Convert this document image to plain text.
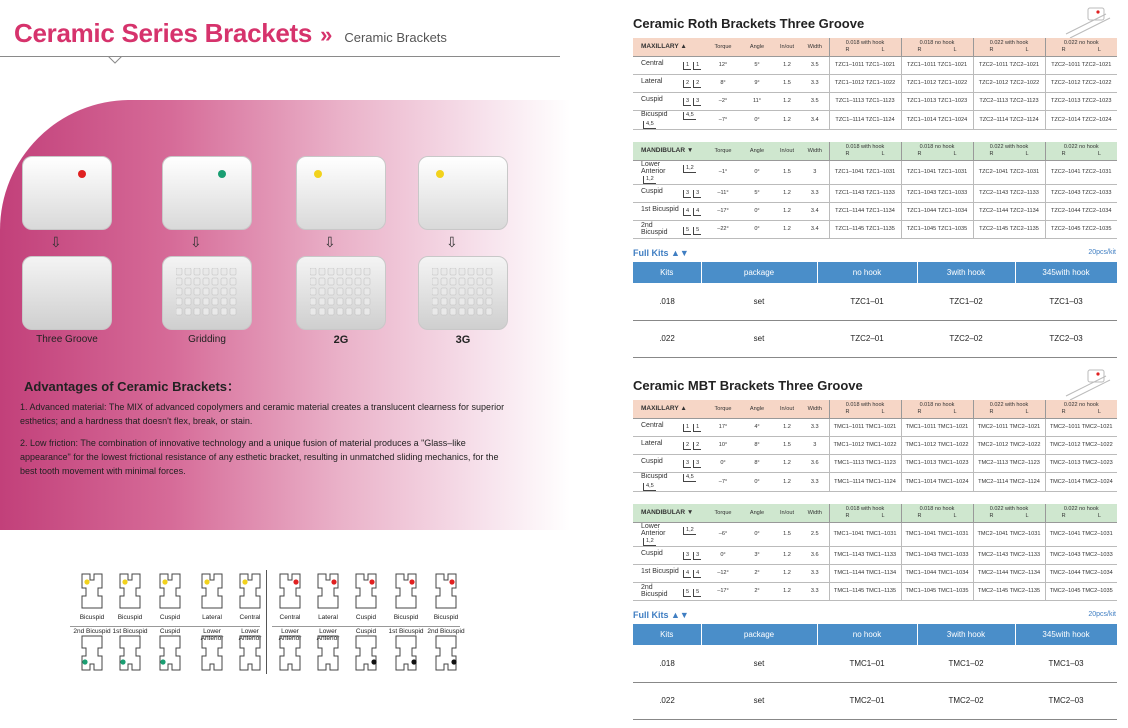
Ceramic Series Brackets » Ceramic Brackets
⇩
Three Groove
⇩
Gridding
⇩
2G
⇩
3G
Advantages of Ceramic Brackets：

1. Advanced material: The MIX of advanced copolymers and ceramic material creates a translucent clearness for superior esthetics; and a hardness that doesn't flex, break, or stain.

2. Low friction: The combination of innovative technology and a unique fusion of material produces a "Glass–like appearance" for the lowest frictional resistance of any esthetic bracket, resulting in unmatched sliding mechanics, for the best tooth movement with minimal forces.

Bicuspid
2nd Bicuspid
Bicuspid
1st Bicuspid
Cuspid
Cuspid
Lateral
Lower Anterior
Central
Lower Anterior
Central
Lower Anterior
Lateral
Lower Anterior
Cuspid
Cuspid
Bicuspid
1st Bicuspid
Bicuspid
2nd Bicuspid
Ceramic Roth Brackets Three Groove
MAXILLARY ▲	Torque	Angle	In/out	Width	0.018 with hook
R L	0.018 no hook
R L	0.022 with hook
R L	0.022 no hook
R L

Central 1 1	12°	5°	1.2	3.5	TZC1–1011 TZC1–1021	TZC1–1011 TZC1–1021	TZC2–1011 TZC2–1021	TZC2–1011 TZC2–1021
Lateral 2 2	8°	9°	1.5	3.3	TZC1–1012 TZC1–1022	TZC1–1012 TZC1–1022	TZC2–1012 TZC2–1022	TZC2–1012 TZC2–1022
Cuspid 3 3	–2°	11°	1.2	3.5	TZC1–1113 TZC1–1123	TZC1–1013 TZC1–1023	TZC2–1113 TZC2–1123	TZC2–1013 TZC2–1023
Bicuspid 4,54,5	–7°	0°	1.2	3.4	TZC1–1114 TZC1–1124	TZC1–1014 TZC1–1024	TZC2–1114 TZC2–1124	TZC2–1014 TZC2–1024
MANDIBULAR ▼	Torque	Angle	In/out	Width	0.018 with hook
R L	0.018 no hook
R L	0.022 with hook
R L	0.022 no hook
R L

Lower Anterior 1,21,2	–1°	0°	1.5	3	TZC1–1041 TZC1–1031	TZC1–1041 TZC1–1031	TZC2–1041 TZC2–1031	TZC2–1041 TZC2–1031
Cuspid 3 3	–11°	5°	1.2	3.3	TZC1–1143 TZC1–1133	TZC1–1043 TZC1–1033	TZC2–1143 TZC2–1133	TZC2–1043 TZC2–1033
1st Bicuspid 4 4	–17°	0°	1.2	3.4	TZC1–1144 TZC1–1134	TZC1–1044 TZC1–1034	TZC2–1144 TZC2–1134	TZC2–1044 TZC2–1034
2nd Bicuspid 5 5	–22°	0°	1.2	3.4	TZC1–1145 TZC1–1135	TZC1–1045 TZC1–1035	TZC2–1145 TZC2–1135	TZC2–1045 TZC2–1035
Full Kits ▲▼	20pcs/kit
Kits	package	no hook	3with hook	345with hook
.018	set	TZC1–01	TZC1–02	TZC1–03
.022	set	TZC2–01	TZC2–02	TZC2–03
Ceramic MBT Brackets Three Groove
MAXILLARY ▲	Torque	Angle	In/out	Width	0.018 with hook
R L	0.018 no hook
R L	0.022 with hook
R L	0.022 no hook
R L

Central 1 1	17°	4°	1.2	3.3	TMC1–1011 TMC1–1021	TMC1–1011 TMC1–1021	TMC2–1011 TMC2–1021	TMC2–1011 TMC2–1021
Lateral 2 2	10°	8°	1.5	3	TMC1–1012 TMC1–1022	TMC1–1012 TMC1–1022	TMC2–1012 TMC2–1022	TMC2–1012 TMC2–1022
Cuspid 3 3	0°	8°	1.2	3.6	TMC1–1113 TMC1–1123	TMC1–1013 TMC1–1023	TMC2–1113 TMC2–1123	TMC2–1013 TMC2–1023
Bicuspid 4,54,5	–7°	0°	1.2	3.3	TMC1–1114 TMC1–1124	TMC1–1014 TMC1–1024	TMC2–1114 TMC2–1124	TMC2–1014 TMC2–1024
MANDIBULAR ▼	Torque	Angle	In/out	Width	0.018 with hook
R L	0.018 no hook
R L	0.022 with hook
R L	0.022 no hook
R L

Lower Anterior 1,21,2	–6°	0°	1.5	2.5	TMC1–1041 TMC1–1031	TMC1–1041 TMC1–1031	TMC2–1041 TMC2–1031	TMC2–1041 TMC2–1031
Cuspid 3 3	0°	3°	1.2	3.6	TMC1–1143 TMC1–1133	TMC1–1043 TMC1–1033	TMC2–1143 TMC2–1133	TMC2–1043 TMC2–1033
1st Bicuspid 4 4	–12°	2°	1.2	3.3	TMC1–1144 TMC1–1134	TMC1–1044 TMC1–1034	TMC2–1144 TMC2–1134	TMC2–1044 TMC2–1034
2nd Bicuspid 5 5	–17°	2°	1.2	3.3	TMC1–1145 TMC1–1135	TMC1–1045 TMC1–1035	TMC2–1145 TMC2–1135	TMC2–1045 TMC2–1035
Full Kits ▲▼	20pcs/kit
Kits	package	no hook	3with hook	345with hook
.018	set	TMC1–01	TMC1–02	TMC1–03
.022	set	TMC2–01	TMC2–02	TMC2–03
